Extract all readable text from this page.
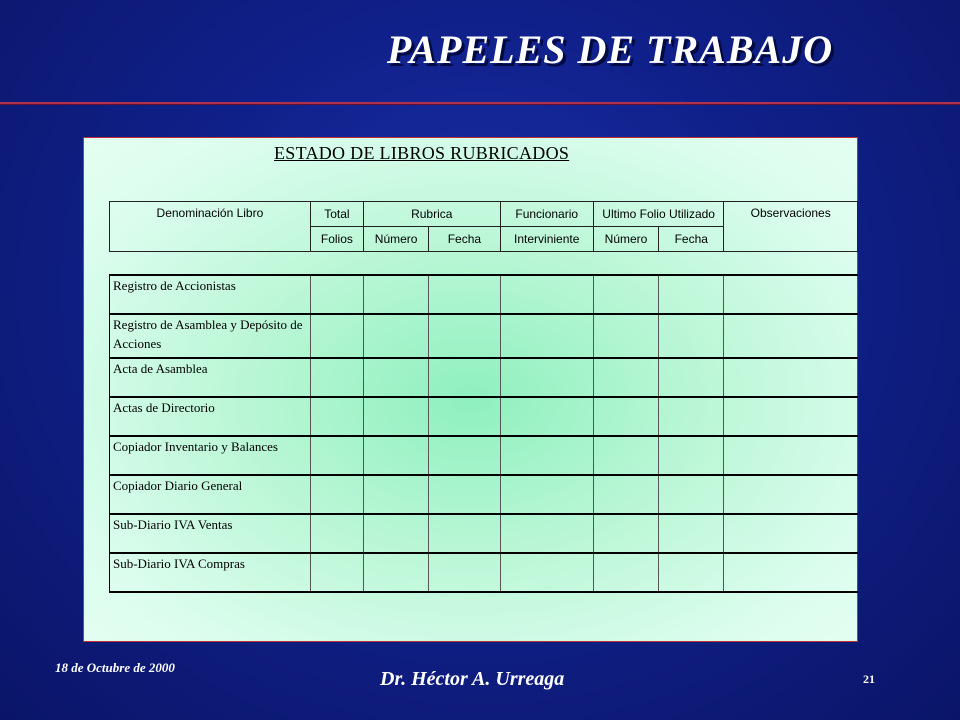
PAPELES DE TRABAJO
ESTADO DE LIBROS RUBRICADOS
Denominación Libro	Total	Rubrica		Funcionario	Ultimo Folio Utilizado		Observaciones
	Folios	Número	Fecha	Interviniente	Número	Fecha	
Registro de Accionistas							
Registro de Asamblea y Depósito de Acciones							
Acta de Asamblea							
Actas de Directorio							
Copiador Inventario y Balances							
Copiador Diario General							
Sub-Diario IVA Ventas							
Sub-Diario IVA Compras							
18 de Octubre de 2000
Dr. Héctor A. Urreaga	21
